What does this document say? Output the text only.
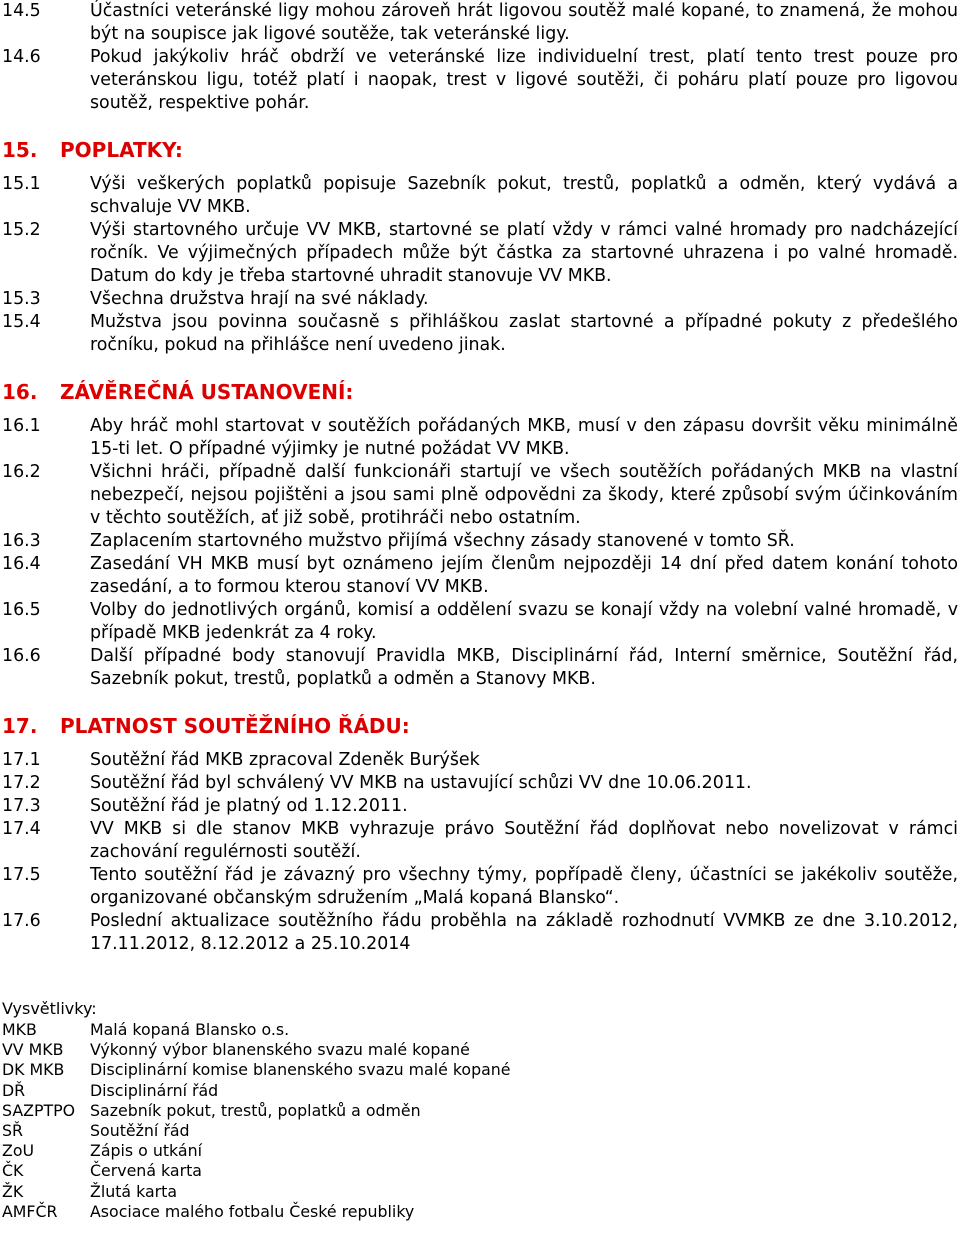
14.5	Účastníci veteránské ligy mohou zároveň hrát ligovou soutěž malé kopané, to znamená, že mohou být na soupisce jak ligové soutěže, tak veteránské ligy.
14.6	Pokud jakýkoliv hráč obdrží ve veteránské lize individuelní trest, platí tento trest pouze pro veteránskou ligu, totéž platí i naopak, trest v ligové soutěži, či poháru platí pouze pro ligovou soutěž, respektive pohár.
15.	POPLATKY:
15.1	Výši veškerých poplatků popisuje Sazebník pokut, trestů, poplatků a odměn, který vydává a schvaluje VV MKB.
15.2	Výši startovného určuje VV MKB, startovné se platí vždy v rámci valné hromady pro nadcházející ročník. Ve výjimečných případech může být částka za startovné uhrazena i po valné hromadě. Datum do kdy je třeba startovné uhradit stanovuje VV MKB.
15.3	Všechna družstva hrají na své náklady.
15.4	Mužstva jsou povinna současně s přihláškou zaslat startovné a případné pokuty z předešlého ročníku, pokud na přihlášce není uvedeno jinak.
16.	ZÁVĚREČNÁ USTANOVENÍ:
16.1	Aby hráč mohl startovat v soutěžích pořádaných MKB, musí v den zápasu dovršit věku minimálně 15-ti let. O případné výjimky je nutné požádat VV MKB.
16.2	Všichni hráči, případně další funkcionáři startují ve všech soutěžích pořádaných MKB na vlastní nebezpečí, nejsou pojištěni a jsou sami plně odpovědni za škody, které způsobí svým účinkováním v těchto soutěžích, ať již sobě, protihráči nebo ostatním.
16.3	Zaplacením startovného mužstvo přijímá všechny zásady stanovené v tomto SŘ.
16.4	Zasedání VH MKB musí byt oznámeno jejím členům nejpozději 14 dní před datem konání tohoto zasedání, a to formou kterou stanoví VV MKB.
16.5	Volby do jednotlivých orgánů, komisí a oddělení svazu se konají vždy na volební valné hromadě, v případě MKB jedenkrát za 4 roky.
16.6	Další případné body stanovují Pravidla MKB, Disciplinární řád, Interní směrnice, Soutěžní řád, Sazebník pokut, trestů, poplatků a odměn a Stanovy MKB.
17.	PLATNOST SOUTĚŽNÍHO ŘÁDU:
17.1	Soutěžní řád MKB zpracoval Zdeněk Burýšek
17.2	Soutěžní řád byl schválený VV MKB na ustavující schůzi VV dne 10.06.2011.
17.3	Soutěžní řád je platný od 1.12.2011.
17.4	VV MKB si dle stanov MKB vyhrazuje právo Soutěžní řád doplňovat nebo novelizovat v rámci zachování regulérnosti soutěží.
17.5	Tento soutěžní řád je závazný pro všechny týmy, popřípadě členy, účastníci se jakékoliv soutěže, organizované občanským sdružením „Malá kopaná Blansko“.
17.6	Poslední aktualizace soutěžního řádu proběhla na základě rozhodnutí VVMKB ze dne 3.10.2012, 17.11.2012, 8.12.2012 a 25.10.2014
Vysvětlivky:
MKB	Malá kopaná Blansko o.s.
VV MKB	Výkonný výbor blanenského svazu malé kopané
DK MKB	Disciplinární komise blanenského svazu malé kopané
DŘ	Disciplinární řád
SAZPTPO Sazebník pokut, trestů, poplatků a odměn
SŘ	Soutěžní řád
ZoU	Zápis o utkání
ČK	Červená karta
ŽK	Žlutá karta
AMFČR	Asociace malého fotbalu České republiky
